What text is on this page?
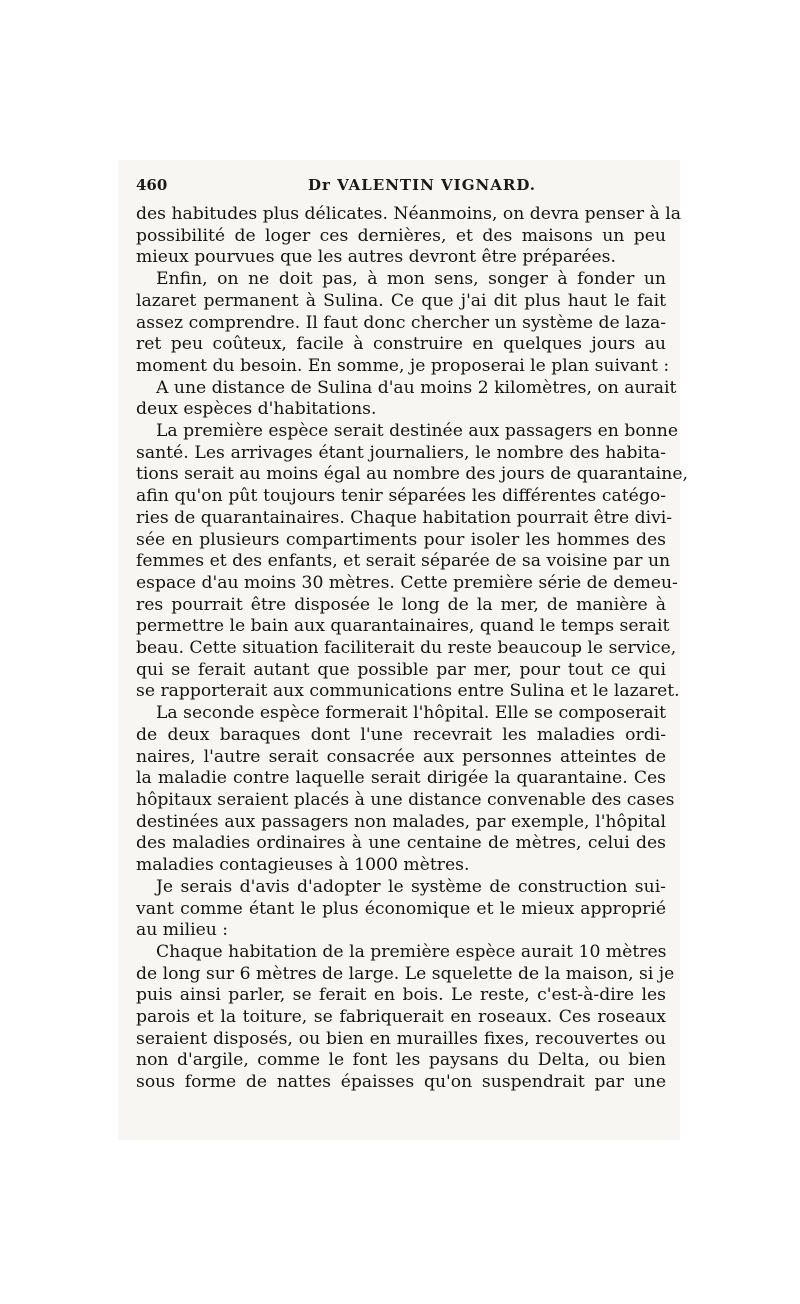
460	Dr VALENTIN VIGNARD.
des habitudes plus délicates. Néanmoins, on devra penser à la
possibilité de loger ces dernières, et des maisons un peu
mieux pourvues que les autres devront être préparées.
Enfin, on ne doit pas, à mon sens, songer à fonder un
lazaret permanent à Sulina. Ce que j'ai dit plus haut le fait
assez comprendre. Il faut donc chercher un système de laza-
ret peu coûteux, facile à construire en quelques jours au
moment du besoin. En somme, je proposerai le plan suivant :
A une distance de Sulina d'au moins 2 kilomètres, on aurait
deux espèces d'habitations.
La première espèce serait destinée aux passagers en bonne
santé. Les arrivages étant journaliers, le nombre des habita-
tions serait au moins égal au nombre des jours de quarantaine,
afin qu'on pût toujours tenir séparées les différentes catégo-
ries de quarantainaires. Chaque habitation pourrait être divi-
sée en plusieurs compartiments pour isoler les hommes des
femmes et des enfants, et serait séparée de sa voisine par un
espace d'au moins 30 mètres. Cette première série de demeu-
res pourrait être disposée le long de la mer, de manière à
permettre le bain aux quarantainaires, quand le temps serait
beau. Cette situation faciliterait du reste beaucoup le service,
qui se ferait autant que possible par mer, pour tout ce qui
se rapporterait aux communications entre Sulina et le lazaret.
La seconde espèce formerait l'hôpital. Elle se composerait
de deux baraques dont l'une recevrait les maladies ordi-
naires, l'autre serait consacrée aux personnes atteintes de
la maladie contre laquelle serait dirigée la quarantaine. Ces
hôpitaux seraient placés à une distance convenable des cases
destinées aux passagers non malades, par exemple, l'hôpital
des maladies ordinaires à une centaine de mètres, celui des
maladies contagieuses à 1000 mètres.
Je serais d'avis d'adopter le système de construction sui-
vant comme étant le plus économique et le mieux approprié
au milieu :
Chaque habitation de la première espèce aurait 10 mètres
de long sur 6 mètres de large. Le squelette de la maison, si je
puis ainsi parler, se ferait en bois. Le reste, c'est-à-dire les
parois et la toiture, se fabriquerait en roseaux. Ces roseaux
seraient disposés, ou bien en murailles fixes, recouvertes ou
non d'argile, comme le font les paysans du Delta, ou bien
sous forme de nattes épaisses qu'on suspendrait par une
